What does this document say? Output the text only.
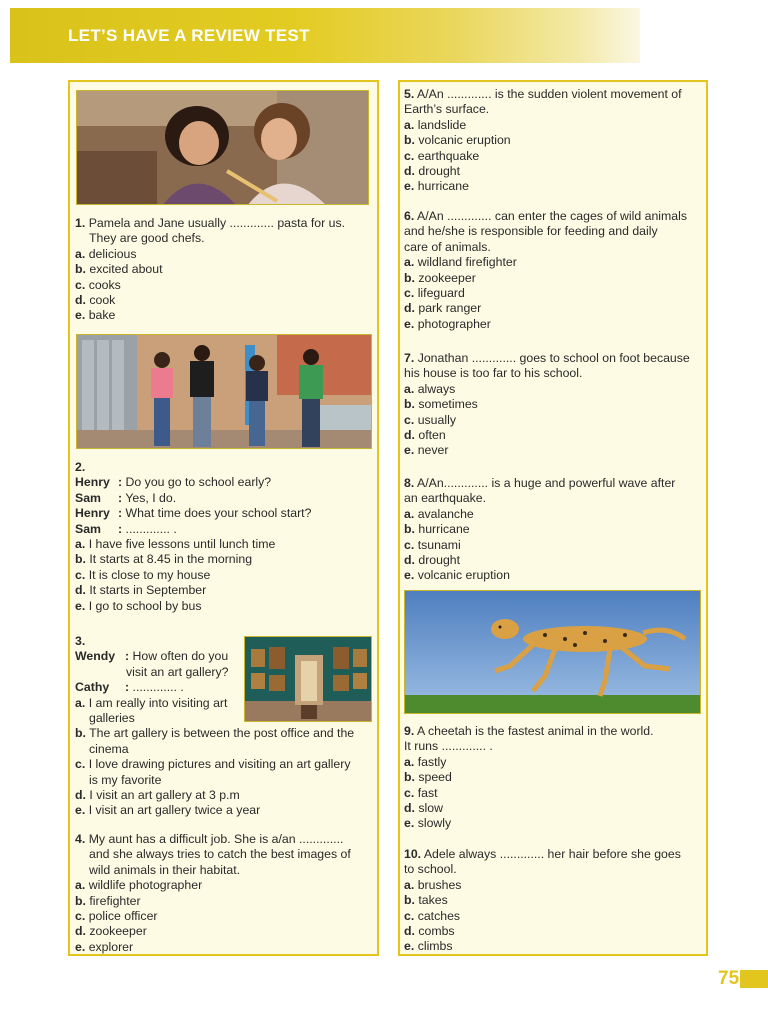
LET’S HAVE A REVIEW TEST
1. Pamela and Jane usually ............. pasta for us.
They are good chefs.
a. delicious
b. excited about
c. cooks
d. cook
e. bake
2.
Henry : Do you go to school early?
Sam : Yes, I do.
Henry : What time does your school start?
Sam : ............. .
a. I have five lessons until lunch time
b. It starts at 8.45 in the morning
c. It is close to my house
d. It starts in September
e. I go to school by bus
3.
Wendy : How often do you
visit an art gallery?
Cathy : ............. .
a. I am really into visiting art
galleries
b. The art gallery is between the post office and the
cinema
c. I love drawing pictures and visiting an art gallery
is my favorite
d. I visit an art gallery at 3 p.m
e. I visit an art gallery twice a year
4. My aunt has a difficult job. She is a/an .............
and she always tries to catch the best images of
wild animals in their habitat.
a. wildlife photographer
b. firefighter
c. police officer
d. zookeeper
e. explorer
5. A/An ............. is the sudden violent movement of
Earth’s surface.
a. landslide
b. volcanic eruption
c. earthquake
d. drought
e. hurricane
6. A/An ............. can enter the cages of wild animals
and he/she is responsible for feeding and daily
care of animals.
a. wildland firefighter
b. zookeeper
c. lifeguard
d. park ranger
e. photographer
7. Jonathan ............. goes to school on foot because
his house is too far to his school.
a. always
b. sometimes
c. usually
d. often
e. never
8. A/An............. is a huge and powerful wave after
an earthquake.
a. avalanche
b. hurricane
c. tsunami
d. drought
e. volcanic eruption
9. A cheetah is the fastest animal in the world.
It runs ............. .
a. fastly
b. speed
c. fast
d. slow
e. slowly
10. Adele always ............. her hair before she goes
to school.
a. brushes
b. takes
c. catches
d. combs
e. climbs
75
